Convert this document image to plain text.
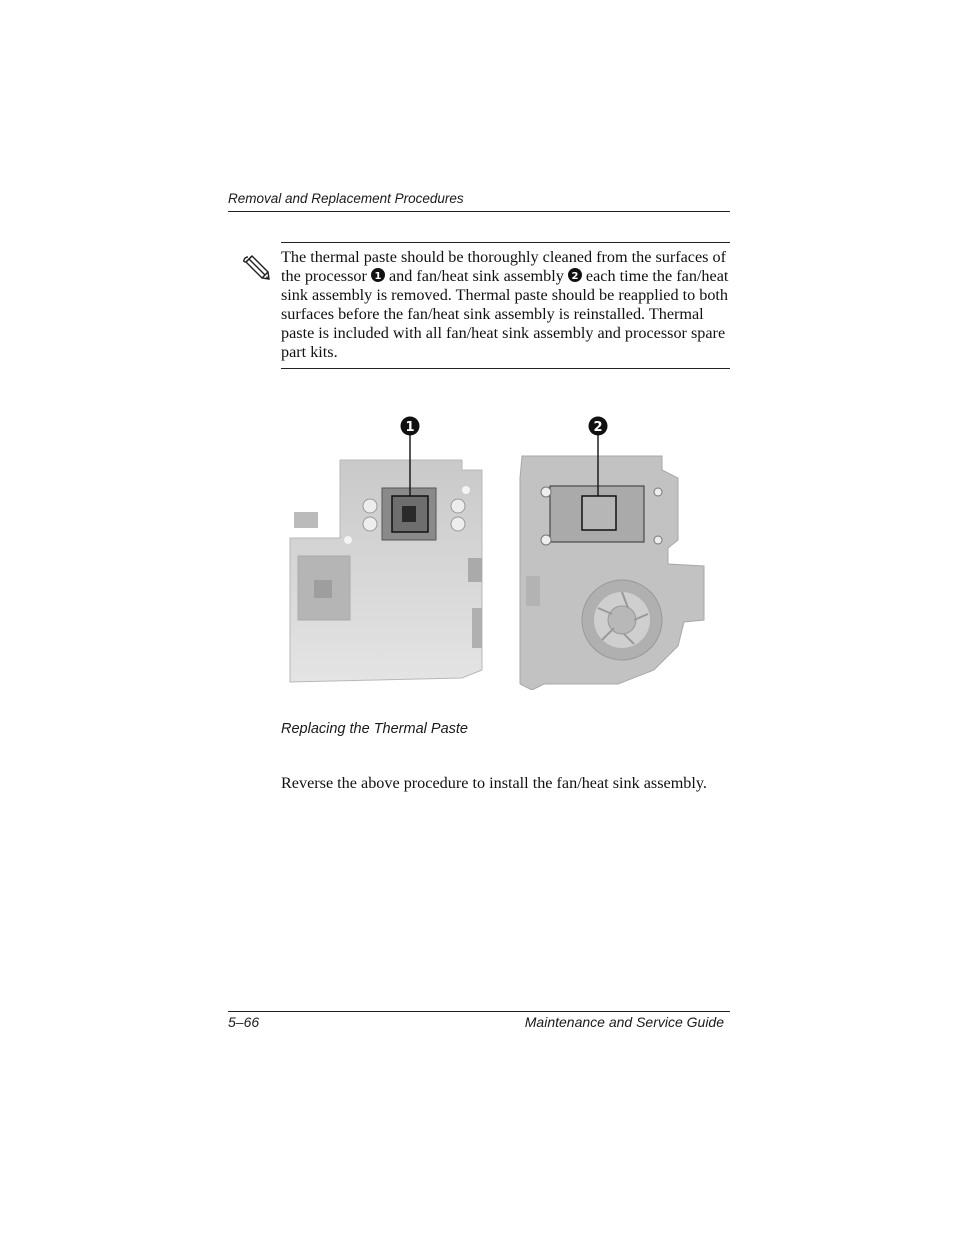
Removal and Replacement Procedures

The thermal paste should be thoroughly cleaned from the surfaces of the processor 1 and fan/heat sink assembly 2 each time the fan/heat sink assembly is removed. Thermal paste should be reapplied to both surfaces before the fan/heat sink assembly is reinstalled. Thermal paste is included with all fan/heat sink assembly and processor spare part kits.

1	2
Replacing the Thermal Paste
Reverse the above procedure to install the fan/heat sink assembly.
5–66	Maintenance and Service Guide
